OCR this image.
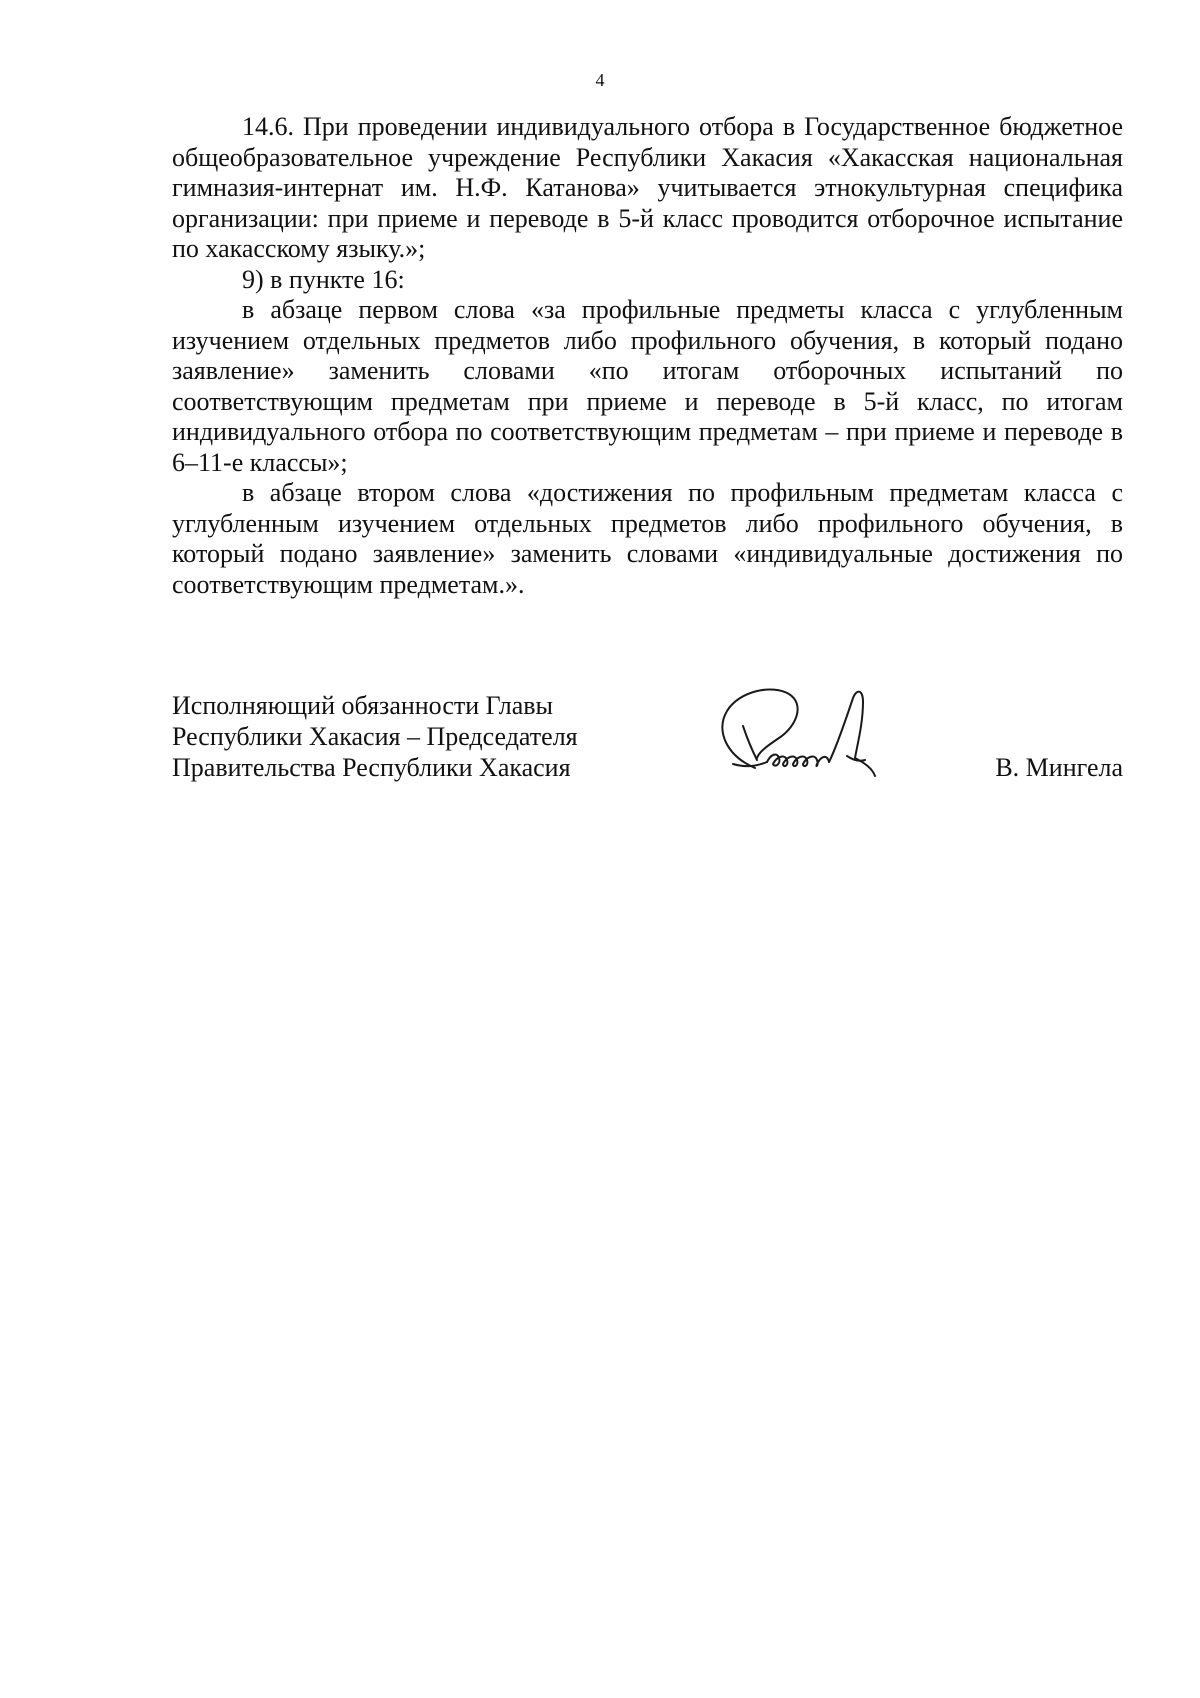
4

14.6. При проведении индивидуального отбора в Государственное бюджетное общеобразовательное учреждение Республики Хакасия «Хакасская национальная гимназия-интернат им. Н.Ф. Катанова» учитывается этнокультурная специфика организации: при приеме и переводе в 5-й класс проводится отборочное испытание по хакасскому языку.»;

9) в пункте 16:

в абзаце первом слова «за профильные предметы класса с углубленным изучением отдельных предметов либо профильного обучения, в который подано заявление» заменить словами «по итогам отборочных испытаний по соответствующим предметам при приеме и переводе в 5-й класс, по итогам индивидуального отбора по соответствующим предметам – при приеме и переводе в 6–11-е классы»;

в абзаце втором слова «достижения по профильным предметам класса с углубленным изучением отдельных предметов либо профильного обучения, в который подано заявление» заменить словами «индивидуальные достижения по соответствующим предметам.».

Исполняющий обязанности Главы
Республики Хакасия – Председателя
Правительства Республики Хакасия	В. Мингела
